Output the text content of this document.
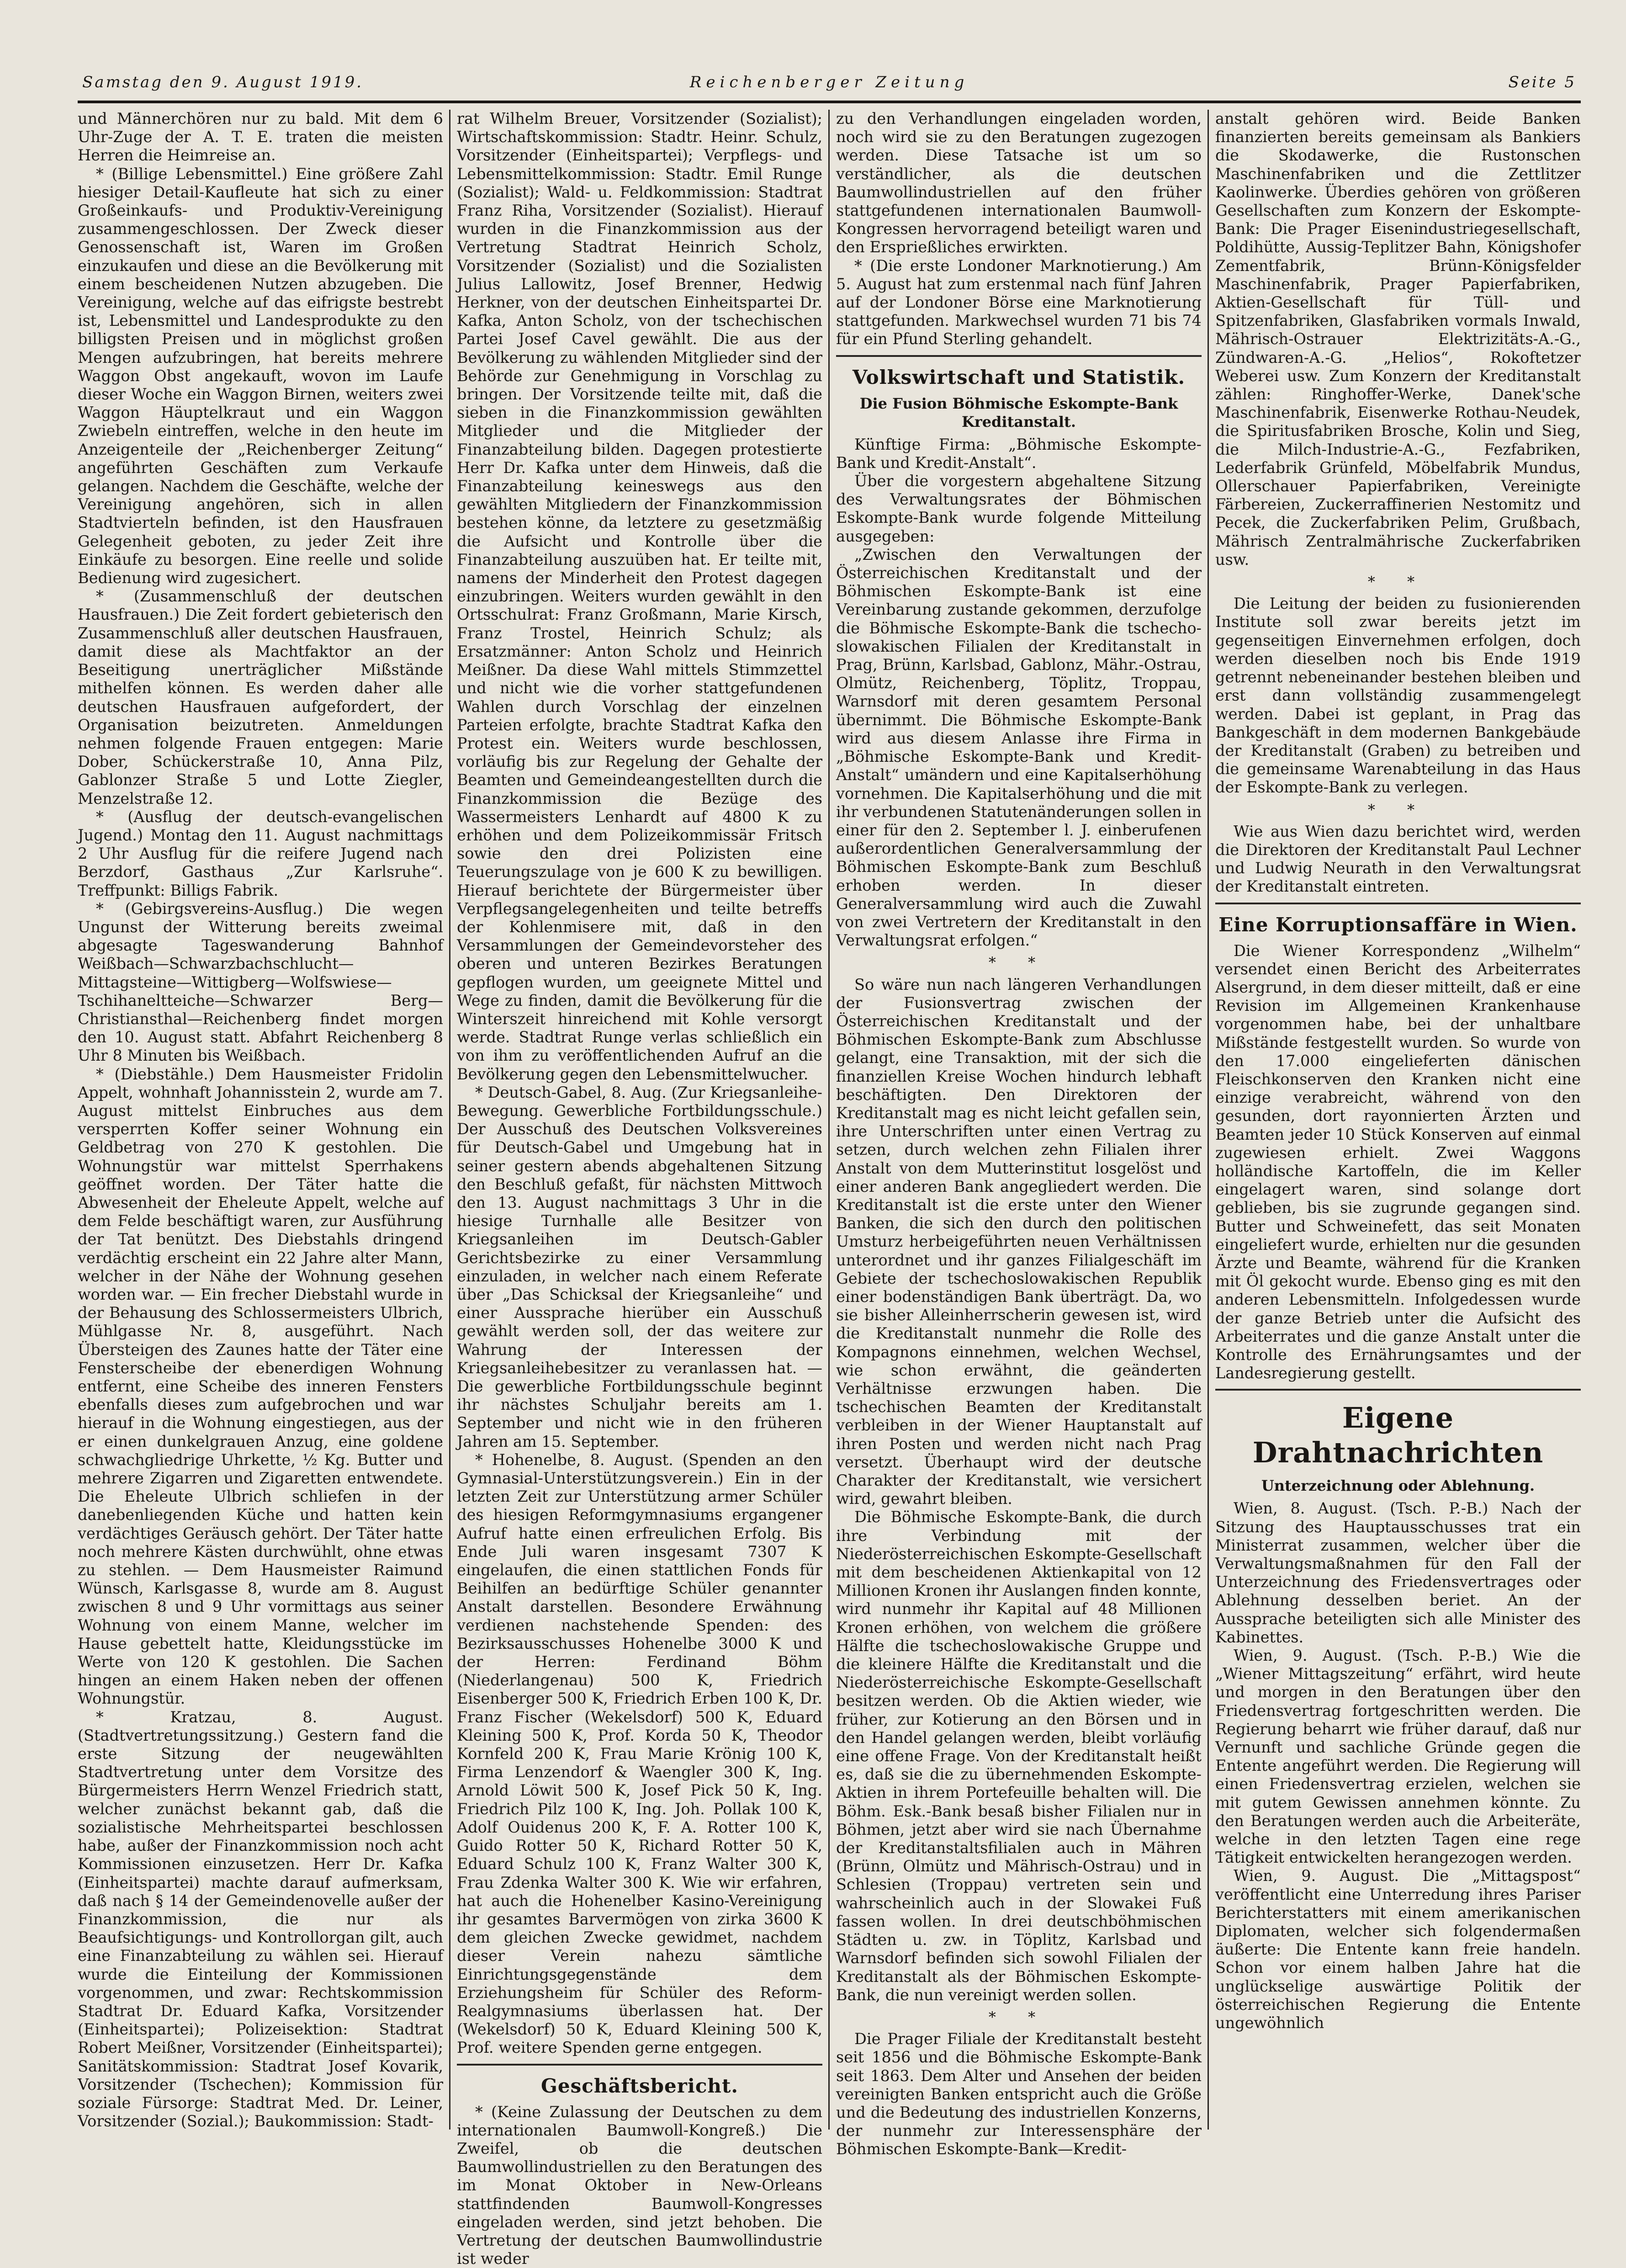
Samstag den 9. August 1919.	Reichenberger Zeitung	Seite 5

und Männerchören nur zu bald. Mit dem 6 Uhr-Zuge der A. T. E. traten die meisten Herren die Heimreise an.

* (Billige Lebensmittel.) Eine größere Zahl hiesiger Detail-Kaufleute hat sich zu einer Großeinkaufs- und Produktiv-Vereinigung zusammengeschlossen. Der Zweck dieser Genossenschaft ist, Waren im Großen einzukaufen und diese an die Bevölkerung mit einem bescheidenen Nutzen abzugeben. Die Vereinigung, welche auf das eifrigste bestrebt ist, Lebensmittel und Landesprodukte zu den billigsten Preisen und in möglichst großen Mengen aufzubringen, hat bereits mehrere Waggon Obst angekauft, wovon im Laufe dieser Woche ein Waggon Birnen, weiters zwei Waggon Häuptelkraut und ein Waggon Zwiebeln eintreffen, welche in den heute im Anzeigenteile der „Reichenberger Zeitung“ angeführten Geschäften zum Verkaufe gelangen. Nachdem die Geschäfte, welche der Vereinigung angehören, sich in allen Stadtvierteln befinden, ist den Hausfrauen Gelegenheit geboten, zu jeder Zeit ihre Einkäufe zu besorgen. Eine reelle und solide Bedienung wird zugesichert.

* (Zusammenschluß der deutschen Hausfrauen.) Die Zeit fordert gebieterisch den Zusammenschluß aller deutschen Hausfrauen, damit diese als Machtfaktor an der Beseitigung unerträglicher Mißstände mithelfen können. Es werden daher alle deutschen Hausfrauen aufgefordert, der Organisation beizutreten. Anmeldungen nehmen folgende Frauen entgegen: Marie Dober, Schückerstraße 10, Anna Pilz, Gablonzer Straße 5 und Lotte Ziegler, Menzelstraße 12.

* (Ausflug der deutsch-evangelischen Jugend.) Montag den 11. August nachmittags 2 Uhr Ausflug für die reifere Jugend nach Berzdorf, Gasthaus „Zur Karlsruhe“. Treffpunkt: Billigs Fabrik.

* (Gebirgsvereins-Ausflug.) Die wegen Ungunst der Witterung bereits zweimal abgesagte Tageswanderung Bahnhof Weißbach—Schwarzbachschlucht—Mittagsteine—Wittigberg—Wolfswiese—Tschihaneltteiche—Schwarzer Berg—Christiansthal—Reichenberg findet morgen den 10. August statt. Abfahrt Reichenberg 8 Uhr 8 Minuten bis Weißbach.

* (Diebstähle.) Dem Hausmeister Fridolin Appelt, wohnhaft Johannisstein 2, wurde am 7. August mittelst Einbruches aus dem versperrten Koffer seiner Wohnung ein Geldbetrag von 270 K gestohlen. Die Wohnungstür war mittelst Sperrhakens geöffnet worden. Der Täter hatte die Abwesenheit der Eheleute Appelt, welche auf dem Felde beschäftigt waren, zur Ausführung der Tat benützt. Des Diebstahls dringend verdächtig erscheint ein 22 Jahre alter Mann, welcher in der Nähe der Wohnung gesehen worden war. — Ein frecher Diebstahl wurde in der Behausung des Schlossermeisters Ulbrich, Mühlgasse Nr. 8, ausgeführt. Nach Übersteigen des Zaunes hatte der Täter eine Fensterscheibe der ebenerdigen Wohnung entfernt, eine Scheibe des inneren Fensters ebenfalls dieses zum aufgebrochen und war hierauf in die Wohnung eingestiegen, aus der er einen dunkelgrauen Anzug, eine goldene schwachgliedrige Uhrkette, ½ Kg. Butter und mehrere Zigarren und Zigaretten entwendete. Die Eheleute Ulbrich schliefen in der danebenliegenden Küche und hatten kein verdächtiges Geräusch gehört. Der Täter hatte noch mehrere Kästen durchwühlt, ohne etwas zu stehlen. — Dem Hausmeister Raimund Wünsch, Karlsgasse 8, wurde am 8. August zwischen 8 und 9 Uhr vormittags aus seiner Wohnung von einem Manne, welcher im Hause gebettelt hatte, Kleidungsstücke im Werte von 120 K gestohlen. Die Sachen hingen an einem Haken neben der offenen Wohnungstür.

* Kratzau, 8. August. (Stadtvertretungssitzung.) Gestern fand die erste Sitzung der neugewählten Stadtvertretung unter dem Vorsitze des Bürgermeisters Herrn Wenzel Friedrich statt, welcher zunächst bekannt gab, daß die sozialistische Mehrheitspartei beschlossen habe, außer der Finanzkommission noch acht Kommissionen einzusetzen. Herr Dr. Kafka (Einheitspartei) machte darauf aufmerksam, daß nach § 14 der Gemeindenovelle außer der Finanzkommission, die nur als Beaufsichtigungs- und Kontrollorgan gilt, auch eine Finanzabteilung zu wählen sei. Hierauf wurde die Einteilung der Kommissionen vorgenommen, und zwar: Rechtskommission Stadtrat Dr. Eduard Kafka, Vorsitzender (Einheitspartei); Polizeisektion: Stadtrat Robert Meißner, Vorsitzender (Einheitspartei); Sanitätskommission: Stadtrat Josef Kovarik, Vorsitzender (Tschechen); Kommission für soziale Fürsorge: Stadtrat Med. Dr. Leiner, Vorsitzender (Sozial.); Baukommission: Stadt-

rat Wilhelm Breuer, Vorsitzender (Sozialist); Wirtschaftskommission: Stadtr. Heinr. Schulz, Vorsitzender (Einheitspartei); Verpflegs- und Lebensmittelkommission: Stadtr. Emil Runge (Sozialist); Wald- u. Feldkommission: Stadtrat Franz Riha, Vorsitzender (Sozialist). Hierauf wurden in die Finanzkommission aus der Vertretung Stadtrat Heinrich Scholz, Vorsitzender (Sozialist) und die Sozialisten Julius Lallowitz, Josef Brenner, Hedwig Herkner, von der deutschen Einheitspartei Dr. Kafka, Anton Scholz, von der tschechischen Partei Josef Cavel gewählt. Die aus der Bevölkerung zu wählenden Mitglieder sind der Behörde zur Genehmigung in Vorschlag zu bringen. Der Vorsitzende teilte mit, daß die sieben in die Finanzkommission gewählten Mitglieder und die Mitglieder der Finanzabteilung bilden. Dagegen protestierte Herr Dr. Kafka unter dem Hinweis, daß die Finanzabteilung keineswegs aus den gewählten Mitgliedern der Finanzkommission bestehen könne, da letztere zu gesetzmäßig die Aufsicht und Kontrolle über die Finanzabteilung auszuüben hat. Er teilte mit, namens der Minderheit den Protest dagegen einzubringen. Weiters wurden gewählt in den Ortsschulrat: Franz Großmann, Marie Kirsch, Franz Trostel, Heinrich Schulz; als Ersatzmänner: Anton Scholz und Heinrich Meißner. Da diese Wahl mittels Stimmzettel und nicht wie die vorher stattgefundenen Wahlen durch Vorschlag der einzelnen Parteien erfolgte, brachte Stadtrat Kafka den Protest ein. Weiters wurde beschlossen, vorläufig bis zur Regelung der Gehalte der Beamten und Gemeindeangestellten durch die Finanzkommission die Bezüge des Wassermeisters Lenhardt auf 4800 K zu erhöhen und dem Polizeikommissär Fritsch sowie den drei Polizisten eine Teuerungszulage von je 600 K zu bewilligen. Hierauf berichtete der Bürgermeister über Verpflegsangelegenheiten und teilte betreffs der Kohlenmisere mit, daß in den Versammlungen der Gemeindevorsteher des oberen und unteren Bezirkes Beratungen gepflogen wurden, um geeignete Mittel und Wege zu finden, damit die Bevölkerung für die Winterszeit hinreichend mit Kohle versorgt werde. Stadtrat Runge verlas schließlich ein von ihm zu veröffentlichenden Aufruf an die Bevölkerung gegen den Lebensmittelwucher.

* Deutsch-Gabel, 8. Aug. (Zur Kriegsanleihe-Bewegung. Gewerbliche Fortbildungsschule.) Der Ausschuß des Deutschen Volksvereines für Deutsch-Gabel und Umgebung hat in seiner gestern abends abgehaltenen Sitzung den Beschluß gefaßt, für nächsten Mittwoch den 13. August nachmittags 3 Uhr in die hiesige Turnhalle alle Besitzer von Kriegsanleihen im Deutsch-Gabler Gerichtsbezirke zu einer Versammlung einzuladen, in welcher nach einem Referate über „Das Schicksal der Kriegsanleihe“ und einer Aussprache hierüber ein Ausschuß gewählt werden soll, der das weitere zur Wahrung der Interessen der Kriegsanleihebesitzer zu veranlassen hat. — Die gewerbliche Fortbildungsschule beginnt ihr nächstes Schuljahr bereits am 1. September und nicht wie in den früheren Jahren am 15. September.

* Hohenelbe, 8. August. (Spenden an den Gymnasial-Unterstützungsverein.) Ein in der letzten Zeit zur Unterstützung armer Schüler des hiesigen Reformgymnasiums ergangener Aufruf hatte einen erfreulichen Erfolg. Bis Ende Juli waren insgesamt 7307 K eingelaufen, die einen stattlichen Fonds für Beihilfen an bedürftige Schüler genannter Anstalt darstellen. Besondere Erwähnung verdienen nachstehende Spenden: des Bezirksausschusses Hohenelbe 3000 K und der Herren: Ferdinand Böhm (Niederlangenau) 500 K, Friedrich Eisenberger 500 K, Friedrich Erben 100 K, Dr. Franz Fischer (Wekelsdorf) 500 K, Eduard Kleining 500 K, Prof. Korda 50 K, Theodor Kornfeld 200 K, Frau Marie Krönig 100 K, Firma Lenzendorf & Waengler 300 K, Ing. Arnold Löwit 500 K, Josef Pick 50 K, Ing. Friedrich Pilz 100 K, Ing. Joh. Pollak 100 K, Adolf Ouidenus 200 K, F. A. Rotter 100 K, Guido Rotter 50 K, Richard Rotter 50 K, Eduard Schulz 100 K, Franz Walter 300 K, Frau Zdenka Walter 300 K. Wie wir erfahren, hat auch die Hohenelber Kasino-Vereinigung ihr gesamtes Barvermögen von zirka 3600 K dem gleichen Zwecke gewidmet, nachdem dieser Verein nahezu sämtliche Einrichtungsgegenstände dem Erziehungsheim für Schüler des Reform-Realgymnasiums überlassen hat. Der (Wekelsdorf) 50 K, Eduard Kleining 500 K, Prof. weitere Spenden gerne entgegen.

Geschäftsbericht.

* (Keine Zulassung der Deutschen zu dem internationalen Baumwoll-Kongreß.) Die Zweifel, ob die deutschen Baumwollindustriellen zu den Beratungen des im Monat Oktober in New-Orleans stattfindenden Baumwoll-Kongresses eingeladen werden, sind jetzt behoben. Die Vertretung der deutschen Baumwollindustrie ist weder

zu den Verhandlungen eingeladen worden, noch wird sie zu den Beratungen zugezogen werden. Diese Tatsache ist um so verständlicher, als die deutschen Baumwollindustriellen auf den früher stattgefundenen internationalen Baumwoll-Kongressen hervorragend beteiligt waren und den Ersprießliches erwirkten.

* (Die erste Londoner Marknotierung.) Am 5. August hat zum erstenmal nach fünf Jahren auf der Londoner Börse eine Marknotierung stattgefunden. Markwechsel wurden 71 bis 74 für ein Pfund Sterling gehandelt.

Volkswirtschaft und Statistik.
Die Fusion Böhmische Eskompte-Bank Kreditanstalt.

Künftige Firma: „Böhmische Eskompte-Bank und Kredit-Anstalt“.

Über die vorgestern abgehaltene Sitzung des Verwaltungsrates der Böhmischen Eskompte-Bank wurde folgende Mitteilung ausgegeben:

„Zwischen den Verwaltungen der Österreichischen Kreditanstalt und der Böhmischen Eskompte-Bank ist eine Vereinbarung zustande gekommen, derzufolge die Böhmische Eskompte-Bank die tschecho-slowakischen Filialen der Kreditanstalt in Prag, Brünn, Karlsbad, Gablonz, Mähr.-Ostrau, Olmütz, Reichenberg, Töplitz, Troppau, Warnsdorf mit deren gesamtem Personal übernimmt. Die Böhmische Eskompte-Bank wird aus diesem Anlasse ihre Firma in „Böhmische Eskompte-Bank und Kredit-Anstalt“ umändern und eine Kapitalserhöhung vornehmen. Die Kapitalserhöhung und die mit ihr verbundenen Statutenänderungen sollen in einer für den 2. September l. J. einberufenen außerordentlichen Generalversammlung der Böhmischen Eskompte-Bank zum Beschluß erhoben werden. In dieser Generalversammlung wird auch die Zuwahl von zwei Vertretern der Kreditanstalt in den Verwaltungsrat erfolgen.“

* *

So wäre nun nach längeren Verhandlungen der Fusionsvertrag zwischen der Österreichischen Kreditanstalt und der Böhmischen Eskompte-Bank zum Abschlusse gelangt, eine Transaktion, mit der sich die finanziellen Kreise Wochen hindurch lebhaft beschäftigten. Den Direktoren der Kreditanstalt mag es nicht leicht gefallen sein, ihre Unterschriften unter einen Vertrag zu setzen, durch welchen zehn Filialen ihrer Anstalt von dem Mutterinstitut losgelöst und einer anderen Bank angegliedert werden. Die Kreditanstalt ist die erste unter den Wiener Banken, die sich den durch den politischen Umsturz herbeigeführten neuen Verhältnissen unterordnet und ihr ganzes Filialgeschäft im Gebiete der tschechoslowakischen Republik einer bodenständigen Bank überträgt. Da, wo sie bisher Alleinherrscherin gewesen ist, wird die Kreditanstalt nunmehr die Rolle des Kompagnons einnehmen, welchen Wechsel, wie schon erwähnt, die geänderten Verhältnisse erzwungen haben. Die tschechischen Beamten der Kreditanstalt verbleiben in der Wiener Hauptanstalt auf ihren Posten und werden nicht nach Prag versetzt. Überhaupt wird der deutsche Charakter der Kreditanstalt, wie versichert wird, gewahrt bleiben.

Die Böhmische Eskompte-Bank, die durch ihre Verbindung mit der Niederösterreichischen Eskompte-Gesellschaft mit dem bescheidenen Aktienkapital von 12 Millionen Kronen ihr Auslangen finden konnte, wird nunmehr ihr Kapital auf 48 Millionen Kronen erhöhen, von welchem die größere Hälfte die tschechoslowakische Gruppe und die kleinere Hälfte die Kreditanstalt und die Niederösterreichische Eskompte-Gesellschaft besitzen werden. Ob die Aktien wieder, wie früher, zur Kotierung an den Börsen und in den Handel gelangen werden, bleibt vorläufig eine offene Frage. Von der Kreditanstalt heißt es, daß sie die zu übernehmenden Eskompte-Aktien in ihrem Portefeuille behalten will. Die Böhm. Esk.-Bank besaß bisher Filialen nur in Böhmen, jetzt aber wird sie nach Übernahme der Kreditanstaltsfilialen auch in Mähren (Brünn, Olmütz und Mährisch-Ostrau) und in Schlesien (Troppau) vertreten sein und wahrscheinlich auch in der Slowakei Fuß fassen wollen. In drei deutschböhmischen Städten u. zw. in Töplitz, Karlsbad und Warnsdorf befinden sich sowohl Filialen der Kreditanstalt als der Böhmischen Eskompte-Bank, die nun vereinigt werden sollen.

* *

Die Prager Filiale der Kreditanstalt besteht seit 1856 und die Böhmische Eskompte-Bank seit 1863. Dem Alter und Ansehen der beiden vereinigten Banken entspricht auch die Größe und die Bedeutung des industriellen Konzerns, der nunmehr zur Interessensphäre der Böhmischen Eskompte-Bank—Kredit-

anstalt gehören wird. Beide Banken finanzierten bereits gemeinsam als Bankiers die Skodawerke, die Rustonschen Maschinenfabriken und die Zettlitzer Kaolinwerke. Überdies gehören von größeren Gesellschaften zum Konzern der Eskompte-Bank: Die Prager Eisenindustriegesellschaft, Poldihütte, Aussig-Teplitzer Bahn, Königshofer Zementfabrik, Brünn-Königsfelder Maschinenfabrik, Prager Papierfabriken, Aktien-Gesellschaft für Tüll- und Spitzenfabriken, Glasfabriken vormals Inwald, Mährisch-Ostrauer Elektrizitäts-A.-G., Zündwaren-A.-G. „Helios“, Rokoftetzer Weberei usw. Zum Konzern der Kreditanstalt zählen: Ringhoffer-Werke, Danek'sche Maschinenfabrik, Eisenwerke Rothau-Neudek, die Spiritusfabriken Brosche, Kolin und Sieg, die Milch-Industrie-A.-G., Fezfabriken, Lederfabrik Grünfeld, Möbelfabrik Mundus, Ollerschauer Papierfabriken, Vereinigte Färbereien, Zuckerraffinerien Nestomitz und Pecek, die Zuckerfabriken Pelim, Grußbach, Mährisch Zentralmährische Zuckerfabriken usw.

* *

Die Leitung der beiden zu fusionierenden Institute soll zwar bereits jetzt im gegenseitigen Einvernehmen erfolgen, doch werden dieselben noch bis Ende 1919 getrennt nebeneinander bestehen bleiben und erst dann vollständig zusammengelegt werden. Dabei ist geplant, in Prag das Bankgeschäft in dem modernen Bankgebäude der Kreditanstalt (Graben) zu betreiben und die gemeinsame Warenabteilung in das Haus der Eskompte-Bank zu verlegen.

* *

Wie aus Wien dazu berichtet wird, werden die Direktoren der Kreditanstalt Paul Lechner und Ludwig Neurath in den Verwaltungsrat der Kreditanstalt eintreten.

Eine Korruptionsaffäre in Wien.

Die Wiener Korrespondenz „Wilhelm“ versendet einen Bericht des Arbeiterrates Alsergrund, in dem dieser mitteilt, daß er eine Revision im Allgemeinen Krankenhause vorgenommen habe, bei der unhaltbare Mißstände festgestellt wurden. So wurde von den 17.000 eingelieferten dänischen Fleischkonserven den Kranken nicht eine einzige verabreicht, während von den gesunden, dort rayonnierten Ärzten und Beamten jeder 10 Stück Konserven auf einmal zugewiesen erhielt. Zwei Waggons holländische Kartoffeln, die im Keller eingelagert waren, sind solange dort geblieben, bis sie zugrunde gegangen sind. Butter und Schweinefett, das seit Monaten eingeliefert wurde, erhielten nur die gesunden Ärzte und Beamte, während für die Kranken mit Öl gekocht wurde. Ebenso ging es mit den anderen Lebensmitteln. Infolgedessen wurde der ganze Betrieb unter die Aufsicht des Arbeiterrates und die ganze Anstalt unter die Kontrolle des Ernährungsamtes und der Landesregierung gestellt.

Eigene Drahtnachrichten
Unterzeichnung oder Ablehnung.

Wien, 8. August. (Tsch. P.-B.) Nach der Sitzung des Hauptausschusses trat ein Ministerrat zusammen, welcher über die Verwaltungsmaßnahmen für den Fall der Unterzeichnung des Friedensvertrages oder Ablehnung desselben beriet. An der Aussprache beteiligten sich alle Minister des Kabinettes.

Wien, 9. August. (Tsch. P.-B.) Wie die „Wiener Mittagszeitung“ erfährt, wird heute und morgen in den Beratungen über den Friedensvertrag fortgeschritten werden. Die Regierung beharrt wie früher darauf, daß nur Vernunft und sachliche Gründe gegen die Entente angeführt werden. Die Regierung will einen Friedensvertrag erzielen, welchen sie mit gutem Gewissen annehmen könnte. Zu den Beratungen werden auch die Arbeiteräte, welche in den letzten Tagen eine rege Tätigkeit entwickelten herangezogen werden.

Wien, 9. August. Die „Mittagspost“ veröffentlicht eine Unterredung ihres Pariser Berichterstatters mit einem amerikanischen Diplomaten, welcher sich folgendermaßen äußerte: Die Entente kann freie handeln. Schon vor einem halben Jahre hat die unglückselige auswärtige Politik der österreichischen Regierung die Entente ungewöhnlich
